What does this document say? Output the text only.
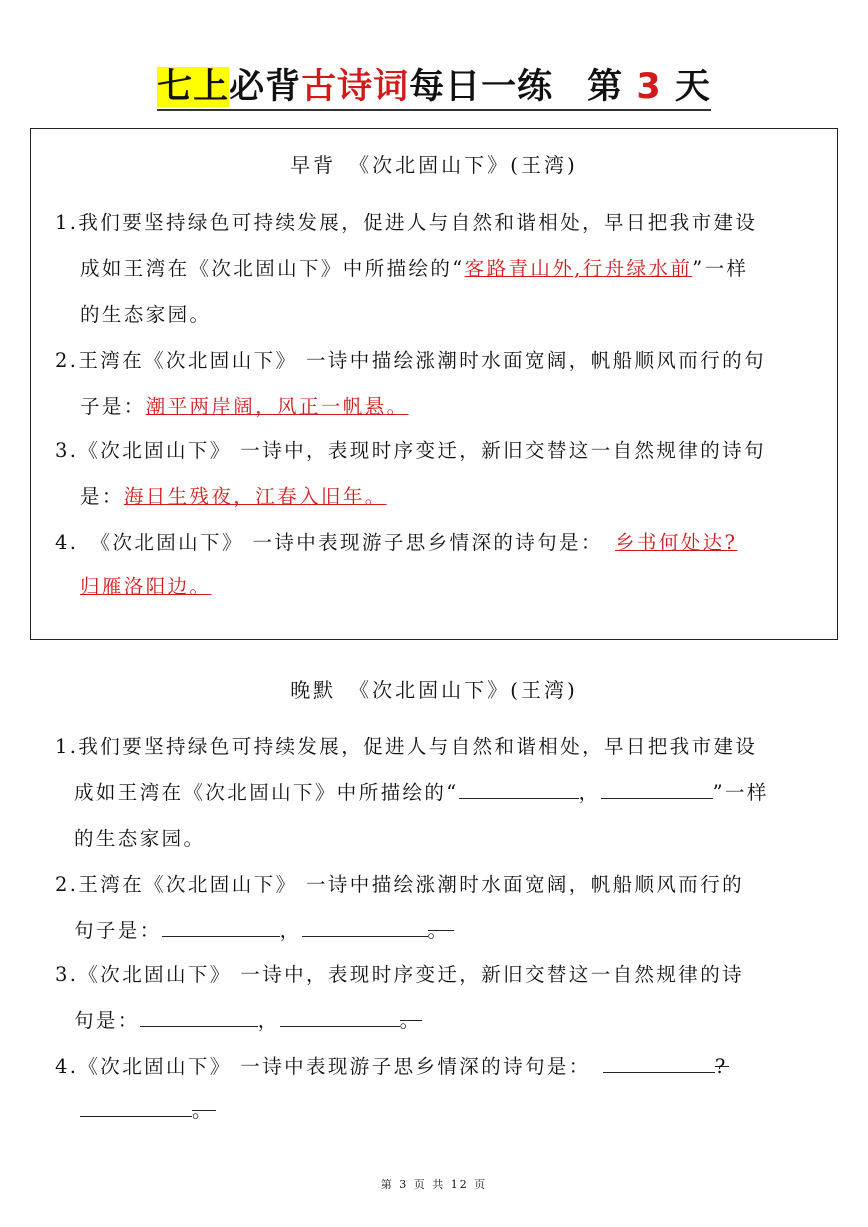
七上必背古诗词每日一练 第 3 天
早背　《次北固山下》(王湾)
1.我们要坚持绿色可持续发展，促进人与自然和谐相处，早日把我市建设
成如王湾在《次北固山下》中所描绘的“客路青山外,行舟绿水前”一样
的生态家园。
2.王湾在《次北固山下》 一诗中描绘涨潮时水面宽阔，帆船顺风而行的句
子是：潮平两岸阔，风正一帆悬。
3.《次北固山下》 一诗中，表现时序变迁，新旧交替这一自然规律的诗句
是：海日生残夜，江春入旧年。
4.　《次北固山下》 一诗中表现游子思乡情深的诗句是：　 乡书何处达?
归雁洛阳边。
晚默　《次北固山下》(王湾)
1.我们要坚持绿色可持续发展，促进人与自然和谐相处，早日把我市建设
成如王湾在《次北固山下》中所描绘的“	，	”一样
的生态家园。
2.王湾在《次北固山下》 一诗中描绘涨潮时水面宽阔，帆船顺风而行的
句子是：	，	。
3.《次北固山下》 一诗中，表现时序变迁，新旧交替这一自然规律的诗
句是：	，	。
4.《次北固山下》 一诗中表现游子思乡情深的诗句是：　	?
。
第 3 页 共 12 页
